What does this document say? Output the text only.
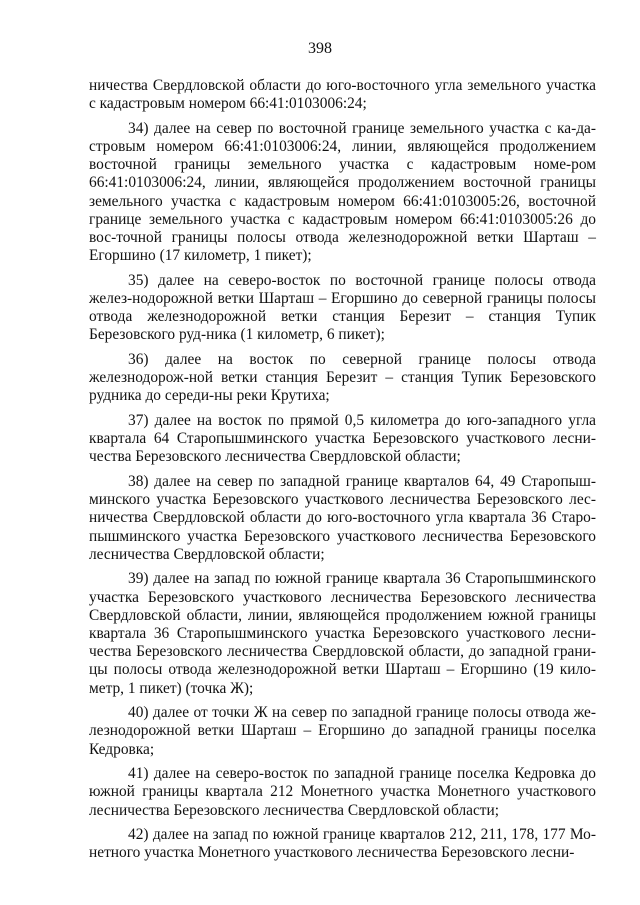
398

ничества Свердловской области до юго-восточного угла земельного участка с кадастровым номером 66:41:0103006:24;

34) далее на север по восточной границе земельного участка с ка-да-стровым номером 66:41:0103006:24, линии, являющейся продолжением восточной границы земельного участка с кадастровым номе-ром 66:41:0103006:24, линии, являющейся продолжением восточной границы земельного участка с кадастровым номером 66:41:0103005:26, восточной границе земельного участка с кадастровым номером 66:41:0103005:26 до вос-точной границы полосы отвода железнодорожной ветки Шарташ – Егоршино (17 километр, 1 пикет);

35) далее на северо-восток по восточной границе полосы отвода желез-нодорожной ветки Шарташ – Егоршино до северной границы полосы отвода железнодорожной ветки станция Березит – станция Тупик Березовского руд-ника (1 километр, 6 пикет);

36) далее на восток по северной границе полосы отвода железнодорож-ной ветки станция Березит – станция Тупик Березовского рудника до середи-ны реки Крутиха;

37) далее на восток по прямой 0,5 километра до юго-западного угла квартала 64 Старопышминского участка Березовского участкового лесни-чества Березовского лесничества Свердловской области;

38) далее на север по западной границе кварталов 64, 49 Старопыш-минского участка Березовского участкового лесничества Березовского лес-ничества Свердловской области до юго-восточного угла квартала 36 Старо-пышминского участка Березовского участкового лесничества Березовского лесничества Свердловской области;

39) далее на запад по южной границе квартала 36 Старопышминского участка Березовского участкового лесничества Березовского лесничества Свердловской области, линии, являющейся продолжением южной границы квартала 36 Старопышминского участка Березовского участкового лесни-чества Березовского лесничества Свердловской области, до западной грани-цы полосы отвода железнодорожной ветки Шарташ – Егоршино (19 кило-метр, 1 пикет) (точка Ж);

40) далее от точки Ж на север по западной границе полосы отвода же-лезнодорожной ветки Шарташ – Егоршино до западной границы поселка Кедровка;

41) далее на северо-восток по западной границе поселка Кедровка до южной границы квартала 212 Монетного участка Монетного участкового лесничества Березовского лесничества Свердловской области;

42) далее на запад по южной границе кварталов 212, 211, 178, 177 Мо-нетного участка Монетного участкового лесничества Березовского лесни-
